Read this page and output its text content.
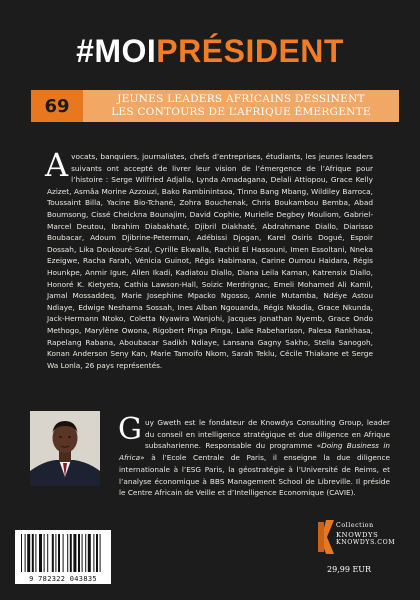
#MOIPRÉSIDENT
69	JEUNES LEADERS AFRICAINS DESSINENT
LES CONTOURS DE L’AFRIQUE ÉMERGENTE
Avocats, banquiers, journalistes, chefs d’entreprises, étudiants, les jeunes leaders suivants ont accepté de livrer leur vision de l’émergence de l’Afrique pour l’histoire : Serge Wilfried Adjalla, Lynda Amadagana, Delali Attiopou, Grace Kelly Azizet, Asmâa Morine Azzouzi, Bako Rambinintsoa, Tinno Bang Mbang, Wildiley Barroca, Toussaint Billa, Yacine Bio-Tchané, Zohra Bouchenak, Chris Boukambou Bemba, Abad Boumsong, Cissé Cheickna Bounajim, David Cophie, Murielle Degbey Mouliom, Gabriel-Marcel Deutou, Ibrahim Diabakhaté, Djibril Diakhaté, Abdrahmane Diallo, Diarisso Boubacar, Adoum Djibrine-Peterman, Adébissi Djogan, Karel Osiris Dogué, Espoir Dossah, Lika Doukouré-Szal, Cyrille Ekwalla, Rachid El Hassouni, Imen Essoltani, Nneka Ezeigwe, Racha Farah, Vénicia Guinot, Régis Habimana, Carine Oumou Haidara, Régis Hounkpe, Anmir Igue, Allen Ikadi, Kadiatou Diallo, Diana Leila Kaman, Katrensix Diallo, Honoré K. Kietyeta, Cathia Lawson-Hall, Soizic Merdrignac, Emeli Mohamed Ali Kamil, Jamal Mossaddeq, Marie Josephine Mpacko Ngosso, Annie Mutamba, Ndéye Astou Ndiaye, Edwige Neshama Sossah, Ines Alban Ngouanda, Régis Nkodia, Grace Nkunda, Jack-Hermann Ntoko, Coletta Nyawira Wanjohi, Jacques Jonathan Nyemb, Grace Ondo Methogo, Marylène Owona, Rigobert Pinga Pinga, Lalie Rabeharison, Palesa Rankhasa, Rapelang Rabana, Aboubacar Sadikh Ndiaye, Lansana Gagny Sakho, Stella Sanogoh, Konan Anderson Seny Kan, Marie Tamoifo Nkom, Sarah Teklu, Cécile Thiakane et Serge Wa Lonla, 26 pays représentés.
Guy Gweth est le fondateur de Knowdys Consulting Group, leader du conseil en intelligence stratégique et due diligence en Afrique subsaharienne. Responsable du programme «Doing Business in Africa» à l’Ecole Centrale de Paris, il enseigne la due diligence internationale à l’ESG Paris, la géostratégie à l’Université de Reims, et l’analyse économique à BBS Management School de Libreville. Il préside le Centre Africain de Veille et d’Intelligence Economique (CAVIE).
Collection
KNOWDYS
KNOWDYS.COM
9 782322 043835
29,99 EUR
